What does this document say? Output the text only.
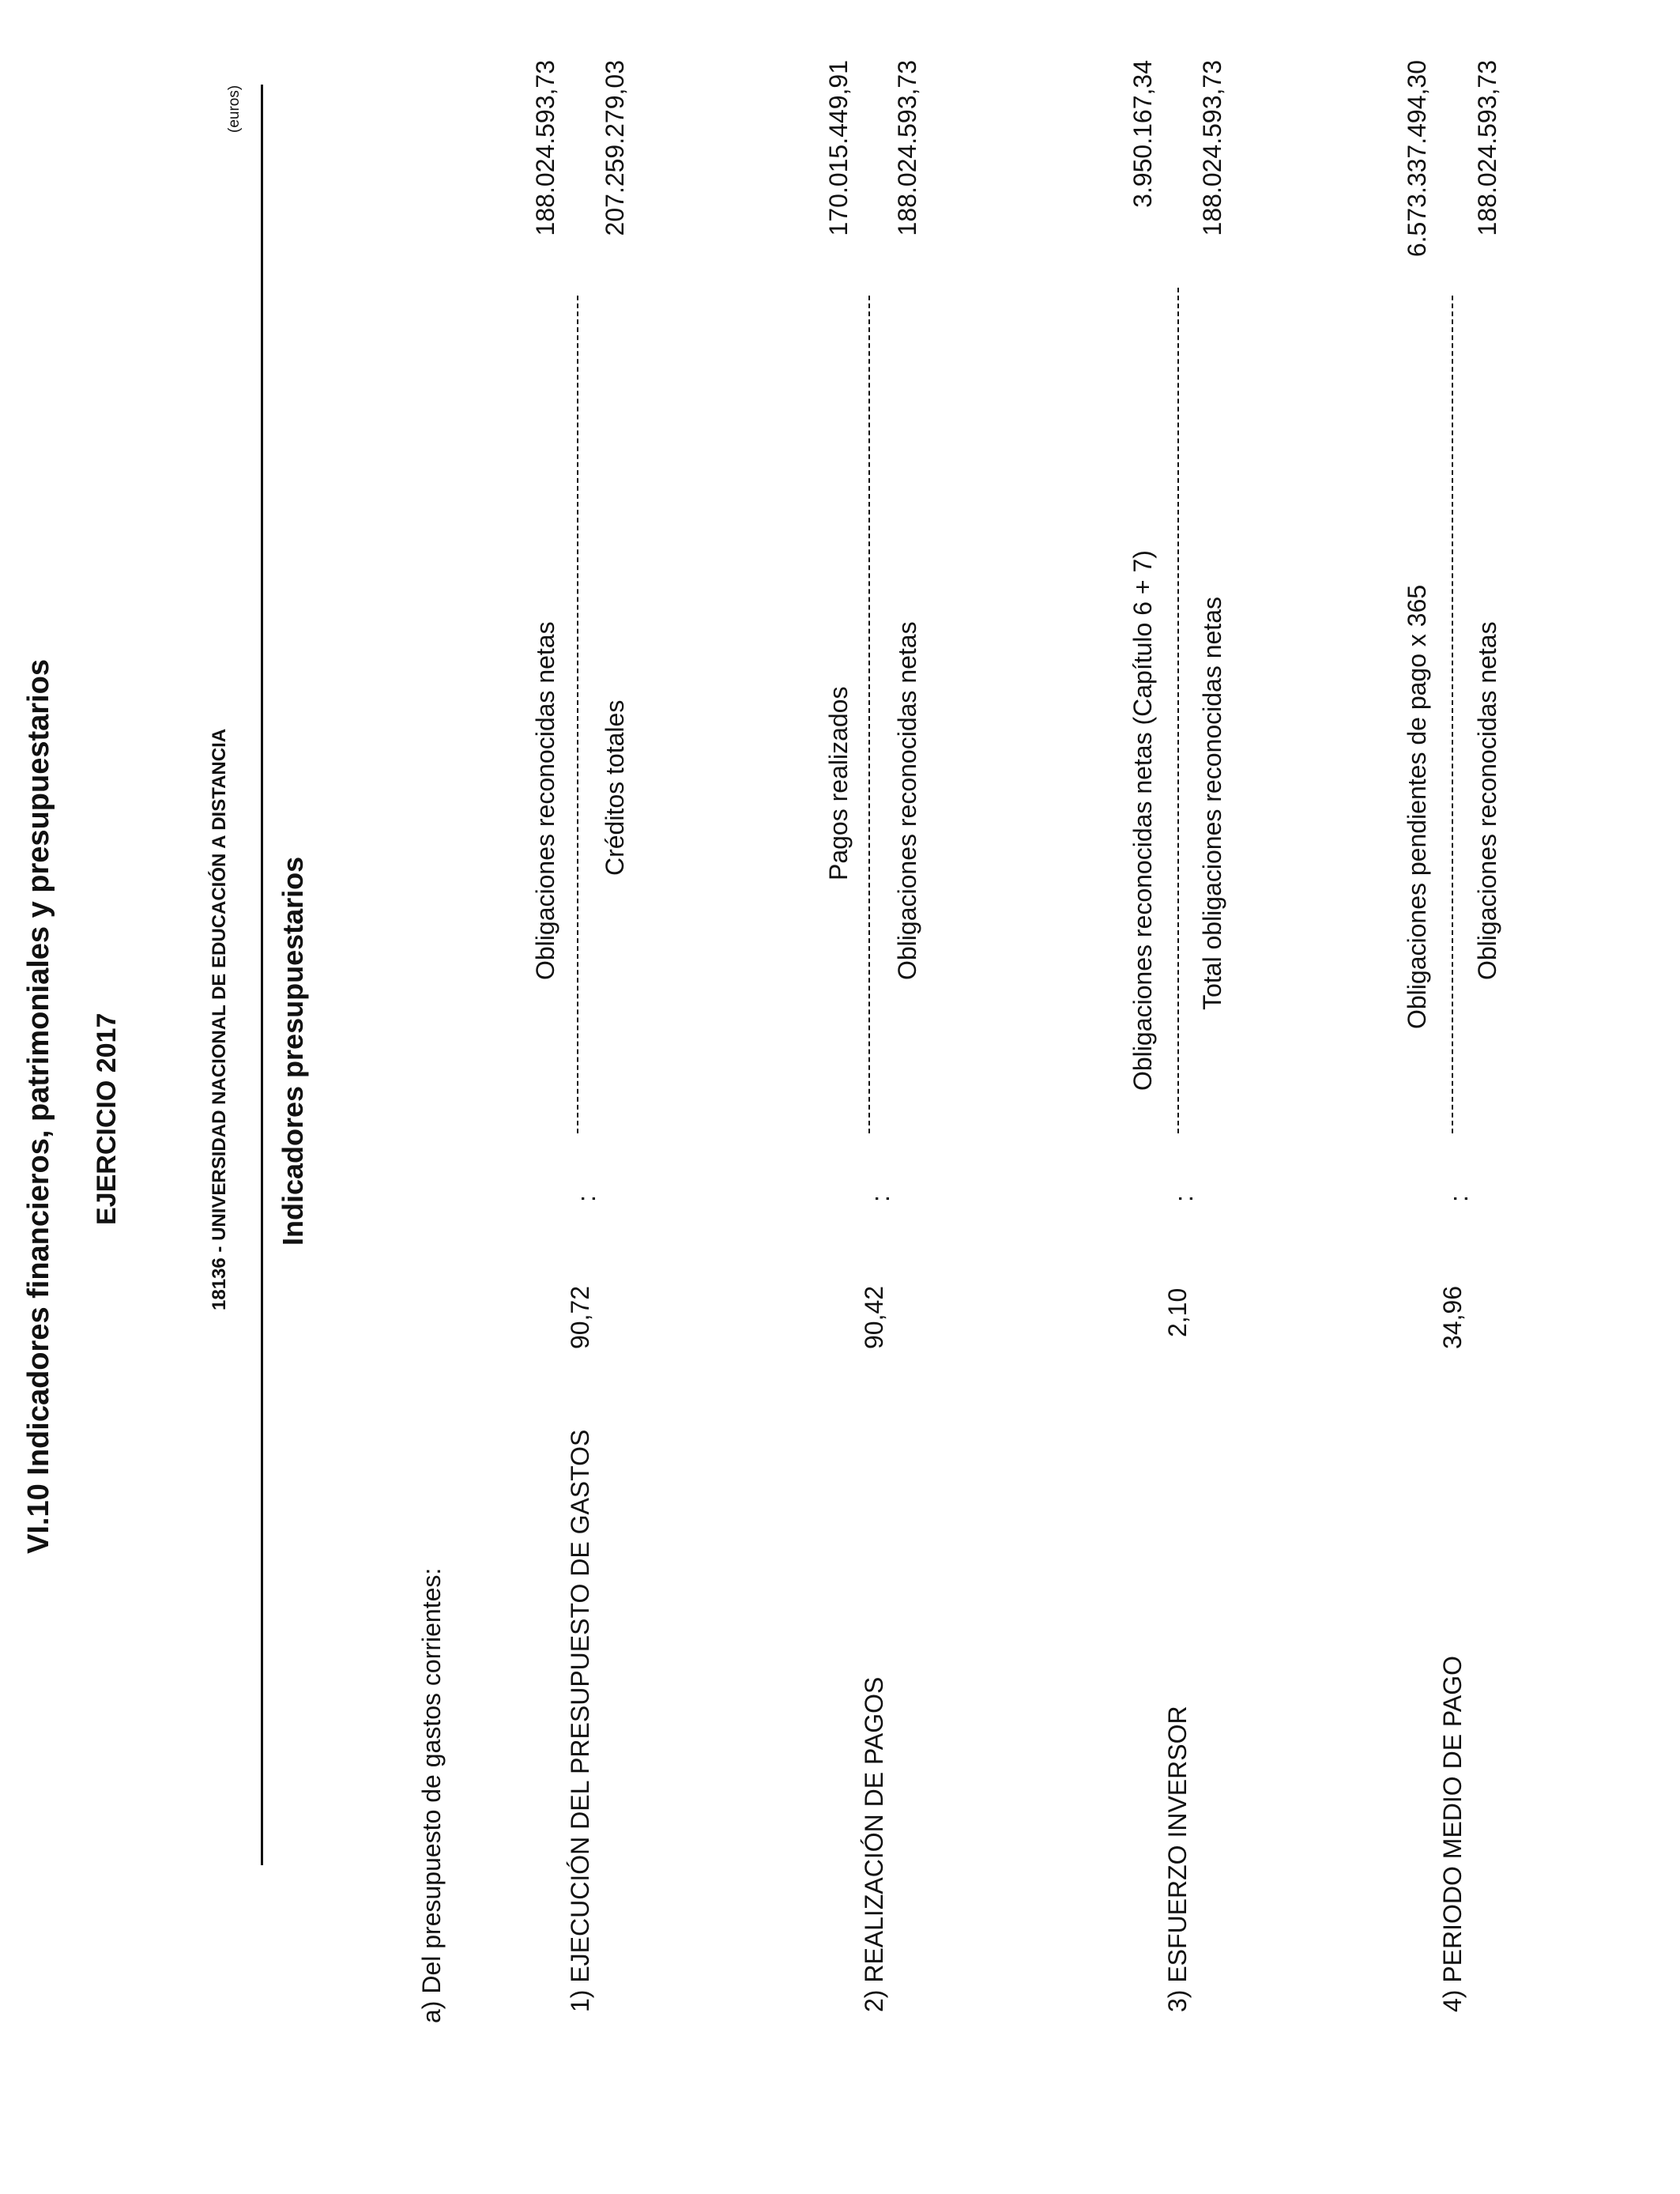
VI.10 Indicadores financieros, patrimoniales y presupuestarios EJERCICIO 2017	18136 - UNIVERSIDAD NACIONAL DE EDUCACIÓN A DISTANCIA
(euros)
Indicadores presupuestarios
a) Del presupuesto de gastos corrientes:	1) EJECUCIÓN DEL PRESUPUESTO DE GASTOS
90,72
:
Obligaciones reconocidas netas Créditos totales
188.024.593,73 207.259.279,03
2) REALIZACIÓN DE PAGOS
90,42
:
Pagos realizados Obligaciones reconocidas netas
170.015.449,91 188.024.593,73
3) ESFUERZO INVERSOR
2,10
:
Obligaciones reconocidas netas (Capítulo 6 + 7) Total obligaciones reconocidas netas
3.950.167,34 188.024.593,73
4) PERIODO MEDIO DE PAGO
34,96
:
Obligaciones pendientes de pago x 365 Obligaciones reconocidas netas
6.573.337.494,30 188.024.593,73
